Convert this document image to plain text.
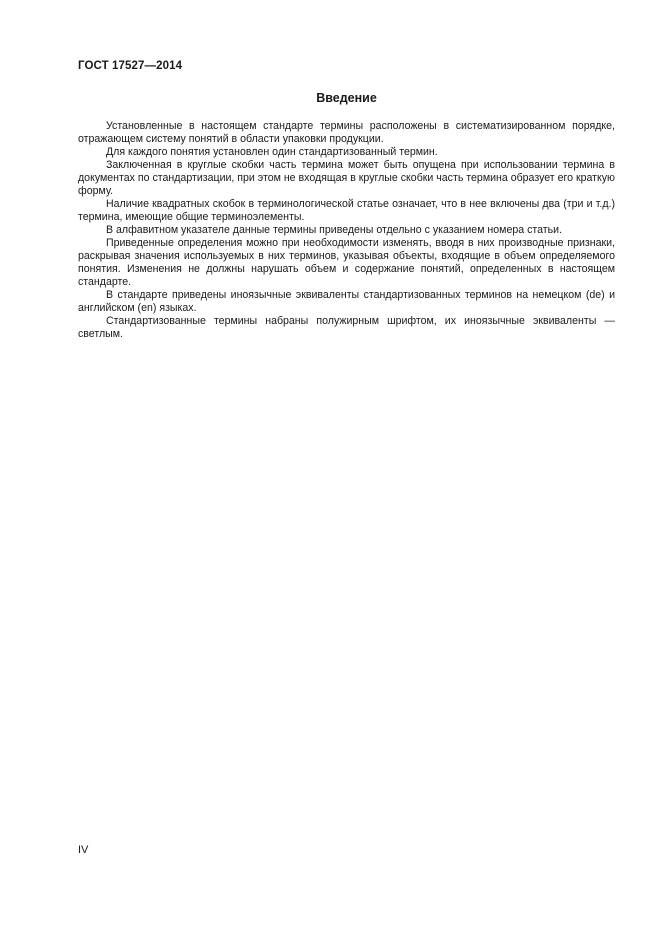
ГОСТ 17527—2014
Введение

Установленные в настоящем стандарте термины расположены в систематизированном порядке, отражающем систему понятий в области упаковки продукции.

Для каждого понятия установлен один стандартизованный термин.

Заключенная в круглые скобки часть термина может быть опущена при использовании термина в документах по стандартизации, при этом не входящая в круглые скобки часть термина образует его краткую форму.

Наличие квадратных скобок в терминологической статье означает, что в нее включены два (три и т.д.) термина, имеющие общие терминоэлементы.

В алфавитном указателе данные термины приведены отдельно с указанием номера статьи.

Приведенные определения можно при необходимости изменять, вводя в них производные признаки, раскрывая значения используемых в них терминов, указывая объекты, входящие в объем определяемого понятия. Изменения не должны нарушать объем и содержание понятий, определенных в настоящем стандарте.

В стандарте приведены иноязычные эквиваленты стандартизованных терминов на немецком (de) и английском (en) языках.

Стандартизованные термины набраны полужирным шрифтом, их иноязычные эквиваленты — светлым.

IV
